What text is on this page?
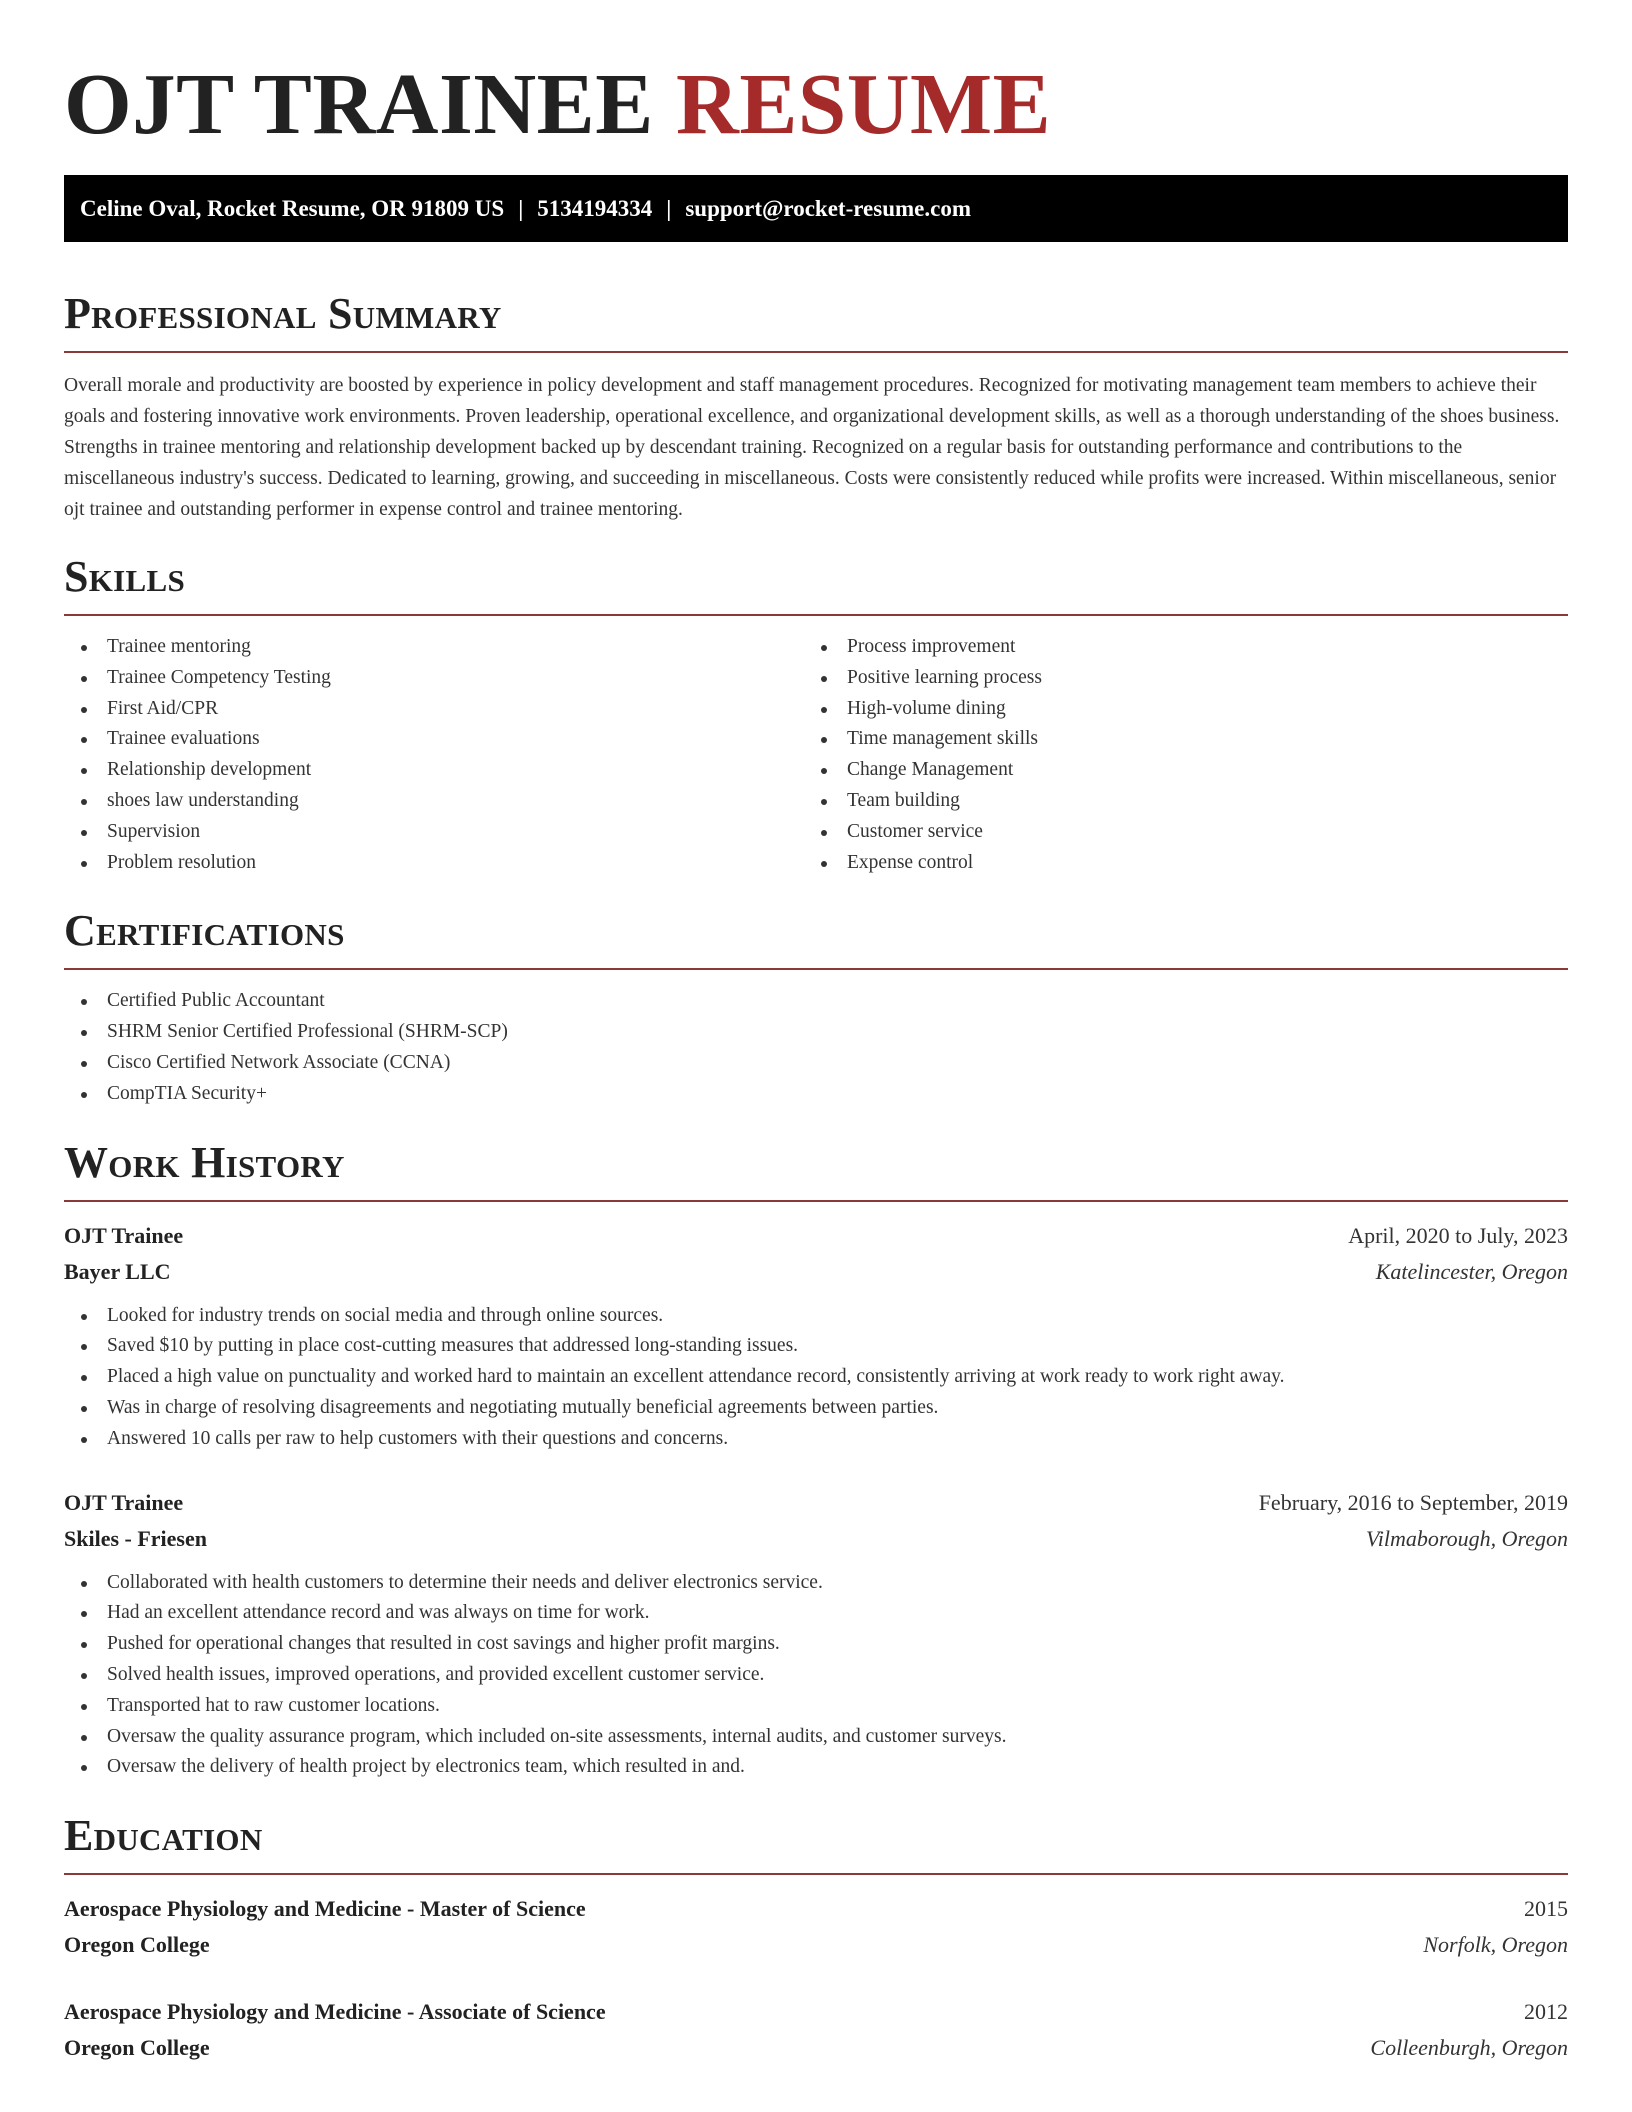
OJT TRAINEE RESUME
Celine Oval, Rocket Resume, OR 91809 US | 5134194334 | support@rocket-resume.com
Professional Summary

Overall morale and productivity are boosted by experience in policy development and staff management procedures. Recognized for motivating management team members to achieve their goals and fostering innovative work environments. Proven leadership, operational excellence, and organizational development skills, as well as a thorough understanding of the shoes business. Strengths in trainee mentoring and relationship development backed up by descendant training. Recognized on a regular basis for outstanding performance and contributions to the miscellaneous industry's success. Dedicated to learning, growing, and succeeding in miscellaneous. Costs were consistently reduced while profits were increased. Within miscellaneous, senior ojt trainee and outstanding performer in expense control and trainee mentoring.

Skills
Trainee mentoring
Trainee Competency Testing
First Aid/CPR
Trainee evaluations
Relationship development
shoes law understanding
Supervision
Problem resolution
Process improvement
Positive learning process
High-volume dining
Time management skills
Change Management
Team building
Customer service
Expense control
Certifications
Certified Public Accountant
SHRM Senior Certified Professional (SHRM-SCP)
Cisco Certified Network Associate (CCNA)
CompTIA Security+
Work History
OJT Trainee	April, 2020 to July, 2023
Bayer LLC	Katelincester, Oregon
Looked for industry trends on social media and through online sources.
Saved $10 by putting in place cost-cutting measures that addressed long-standing issues.
Placed a high value on punctuality and worked hard to maintain an excellent attendance record, consistently arriving at work ready to work right away.
Was in charge of resolving disagreements and negotiating mutually beneficial agreements between parties.
Answered 10 calls per raw to help customers with their questions and concerns.
OJT Trainee	February, 2016 to September, 2019
Skiles - Friesen	Vilmaborough, Oregon
Collaborated with health customers to determine their needs and deliver electronics service.
Had an excellent attendance record and was always on time for work.
Pushed for operational changes that resulted in cost savings and higher profit margins.
Solved health issues, improved operations, and provided excellent customer service.
Transported hat to raw customer locations.
Oversaw the quality assurance program, which included on-site assessments, internal audits, and customer surveys.
Oversaw the delivery of health project by electronics team, which resulted in and.
Education
Aerospace Physiology and Medicine - Master of Science	2015
Oregon College	Norfolk, Oregon
Aerospace Physiology and Medicine - Associate of Science	2012
Oregon College	Colleenburgh, Oregon
